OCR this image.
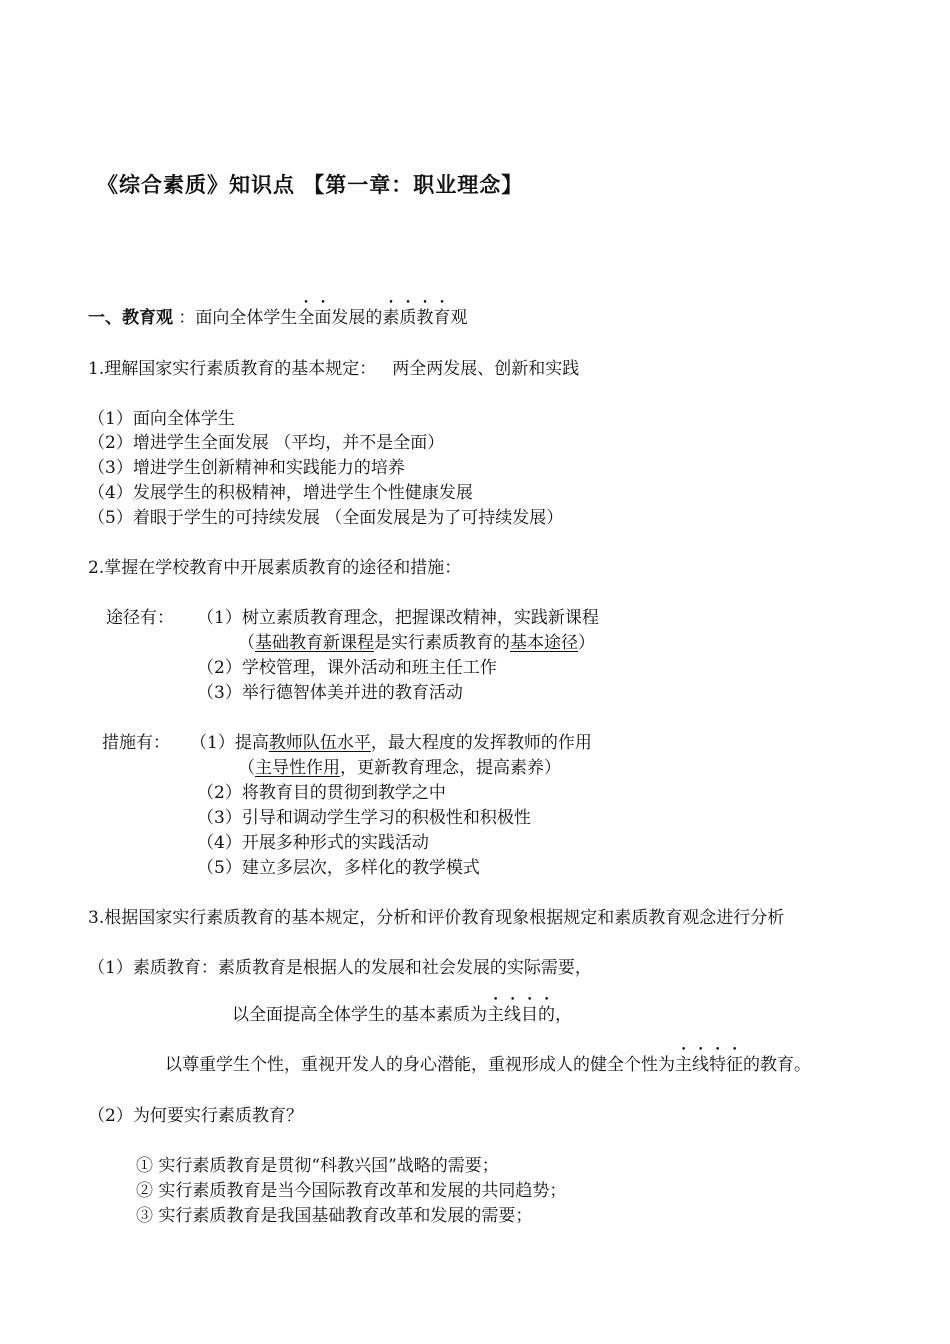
《综合素质》知识点 【第一章：职业理念】
一、教育观 ：面向全体学生全面发展的素质教育观
1.理解国家实行素质教育的基本规定： 两全两发展、创新和实践
（1）面向全体学生
（2）增进学生全面发展 （平均，并不是全面）
（3）增进学生创新精神和实践能力的培养
（4）发展学生的积极精神，增进学生个性健康发展
（5）着眼于学生的可持续发展 （全面发展是为了可持续发展）
2.掌握在学校教育中开展素质教育的途径和措施：
途径有： （1）树立素质教育理念，把握课改精神，实践新课程
（基础教育新课程是实行素质教育的基本途径）
（2）学校管理，课外活动和班主任工作
（3）举行德智体美并进的教育活动
措施有： （1）提高教师队伍水平，最大程度的发挥教师的作用
（主导性作用，更新教育理念，提高素养）
（2）将教育目的贯彻到教学之中
（3）引导和调动学生学习的积极性和积极性
（4）开展多种形式的实践活动
（5）建立多层次，多样化的教学模式
3.根据国家实行素质教育的基本规定，分析和评价教育现象根据规定和素质教育观念进行分析
（1）素质教育：素质教育是根据人的发展和社会发展的实际需要，
以全面提高全体学生的基本素质为主线目的，
以尊重学生个性，重视开发人的身心潜能，重视形成人的健全个性为主线特征的教育。
（2）为何要实行素质教育？
① 实行素质教育是贯彻“科教兴国”战略的需要；
② 实行素质教育是当今国际教育改革和发展的共同趋势；
③ 实行素质教育是我国基础教育改革和发展的需要；
